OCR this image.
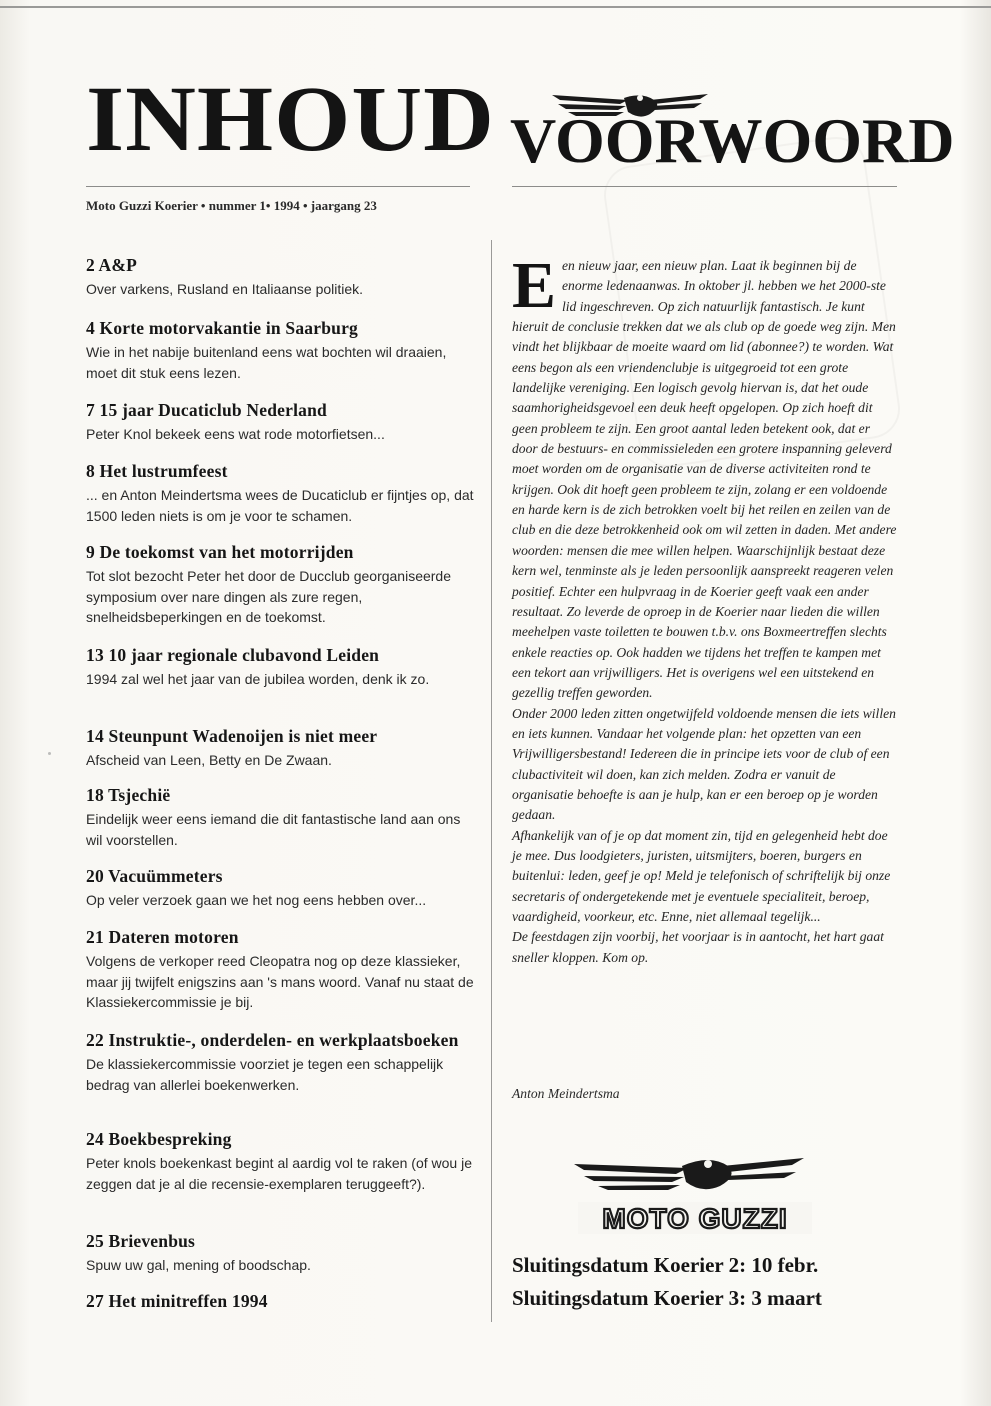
INHOUD VOORWOORD
Moto Guzzi Koerier • nummer 1• 1994 • jaargang 23
2 A&P
Over varkens, Rusland en Italiaanse politiek.
4 Korte motorvakantie in Saarburg
Wie in het nabije buitenland eens wat bochten wil draaien, moet dit stuk eens lezen.
7 15 jaar Ducaticlub Nederland
Peter Knol bekeek eens wat rode motorfietsen...
8 Het lustrumfeest
... en Anton Meindertsma wees de Ducaticlub er fijntjes op, dat 1500 leden niets is om je voor te schamen.
9 De toekomst van het motorrijden
Tot slot bezocht Peter het door de Ducclub georganiseerde symposium over nare dingen als zure regen, snelheidsbeperkingen en de toekomst.
13 10 jaar regionale clubavond Leiden
1994 zal wel het jaar van de jubilea worden, denk ik zo.
14 Steunpunt Wadenoijen is niet meer
Afscheid van Leen, Betty en De Zwaan.
18 Tsjechië
Eindelijk weer eens iemand die dit fantastische land aan ons wil voorstellen.
20 Vacuümmeters
Op veler verzoek gaan we het nog eens hebben over...
21 Dateren motoren
Volgens de verkoper reed Cleopatra nog op deze klassieker, maar jij twijfelt enigszins aan 's mans woord. Vanaf nu staat de Klassiekercommissie je bij.
22 Instruktie-, onderdelen- en werkplaatsboeken
De klassiekercommissie voorziet je tegen een schappelijk bedrag van allerlei boekenwerken.
24 Boekbespreking
Peter knols boekenkast begint al aardig vol te raken (of wou je zeggen dat je al die recensie-exemplaren teruggeeft?).
25 Brievenbus
Spuw uw gal, mening of boodschap.
27 Het minitreffen 1994
E en nieuw jaar, een nieuw plan. Laat ik beginnen bij de enorme ledenaanwas. In oktober jl. hebben we het 2000-ste lid ingeschreven. Op zich natuurlijk fantastisch. Je kunt hieruit de conclusie trekken dat we als club op de goede weg zijn. Men vindt het blijkbaar de moeite waard om lid (abonnee?) te worden. Wat eens begon als een vriendenclubje is uitgegroeid tot een grote landelijke vereniging. Een logisch gevolg hiervan is, dat het oude saamhorigheidsgevoel een deuk heeft opgelopen. Op zich hoeft dit geen probleem te zijn. Een groot aantal leden betekent ook, dat er door de bestuurs- en commissieleden een grotere inspanning geleverd moet worden om de organisatie van de diverse activiteiten rond te krijgen. Ook dit hoeft geen probleem te zijn, zolang er een voldoende en harde kern is de zich betrokken voelt bij het reilen en zeilen van de club en die deze betrokkenheid ook om wil zetten in daden. Met andere woorden: mensen die mee willen helpen. Waarschijnlijk bestaat deze kern wel, tenminste als je leden persoonlijk aanspreekt reageren velen positief. Echter een hulpvraag in de Koerier geeft vaak een ander resultaat. Zo leverde de oproep in de Koerier naar lieden die willen meehelpen vaste toiletten te bouwen t.b.v. ons Boxmeertreffen slechts enkele reacties op. Ook hadden we tijdens het treffen te kampen met een tekort aan vrijwilligers. Het is overigens wel een uitstekend en gezellig treffen geworden.
Onder 2000 leden zitten ongetwijfeld voldoende mensen die iets willen en iets kunnen. Vandaar het volgende plan: het opzetten van een Vrijwilligersbestand! Iedereen die in principe iets voor de club of een clubactiviteit wil doen, kan zich melden. Zodra er vanuit de organisatie behoefte is aan je hulp, kan er een beroep op je worden gedaan.
Afhankelijk van of je op dat moment zin, tijd en gelegenheid hebt doe je mee. Dus loodgieters, juristen, uitsmijters, boeren, burgers en buitenlui: leden, geef je op! Meld je telefonisch of schriftelijk bij onze secretaris of ondergetekende met je eventuele specialiteit, beroep, vaardigheid, voorkeur, etc. Enne, niet allemaal tegelijk...
De feestdagen zijn voorbij, het voorjaar is in aantocht, het hart gaat sneller kloppen. Kom op.
Anton Meindertsma
MOTO GUZZI
Sluitingsdatum Koerier 2: 10 febr.
Sluitingsdatum Koerier 3: 3 maart
